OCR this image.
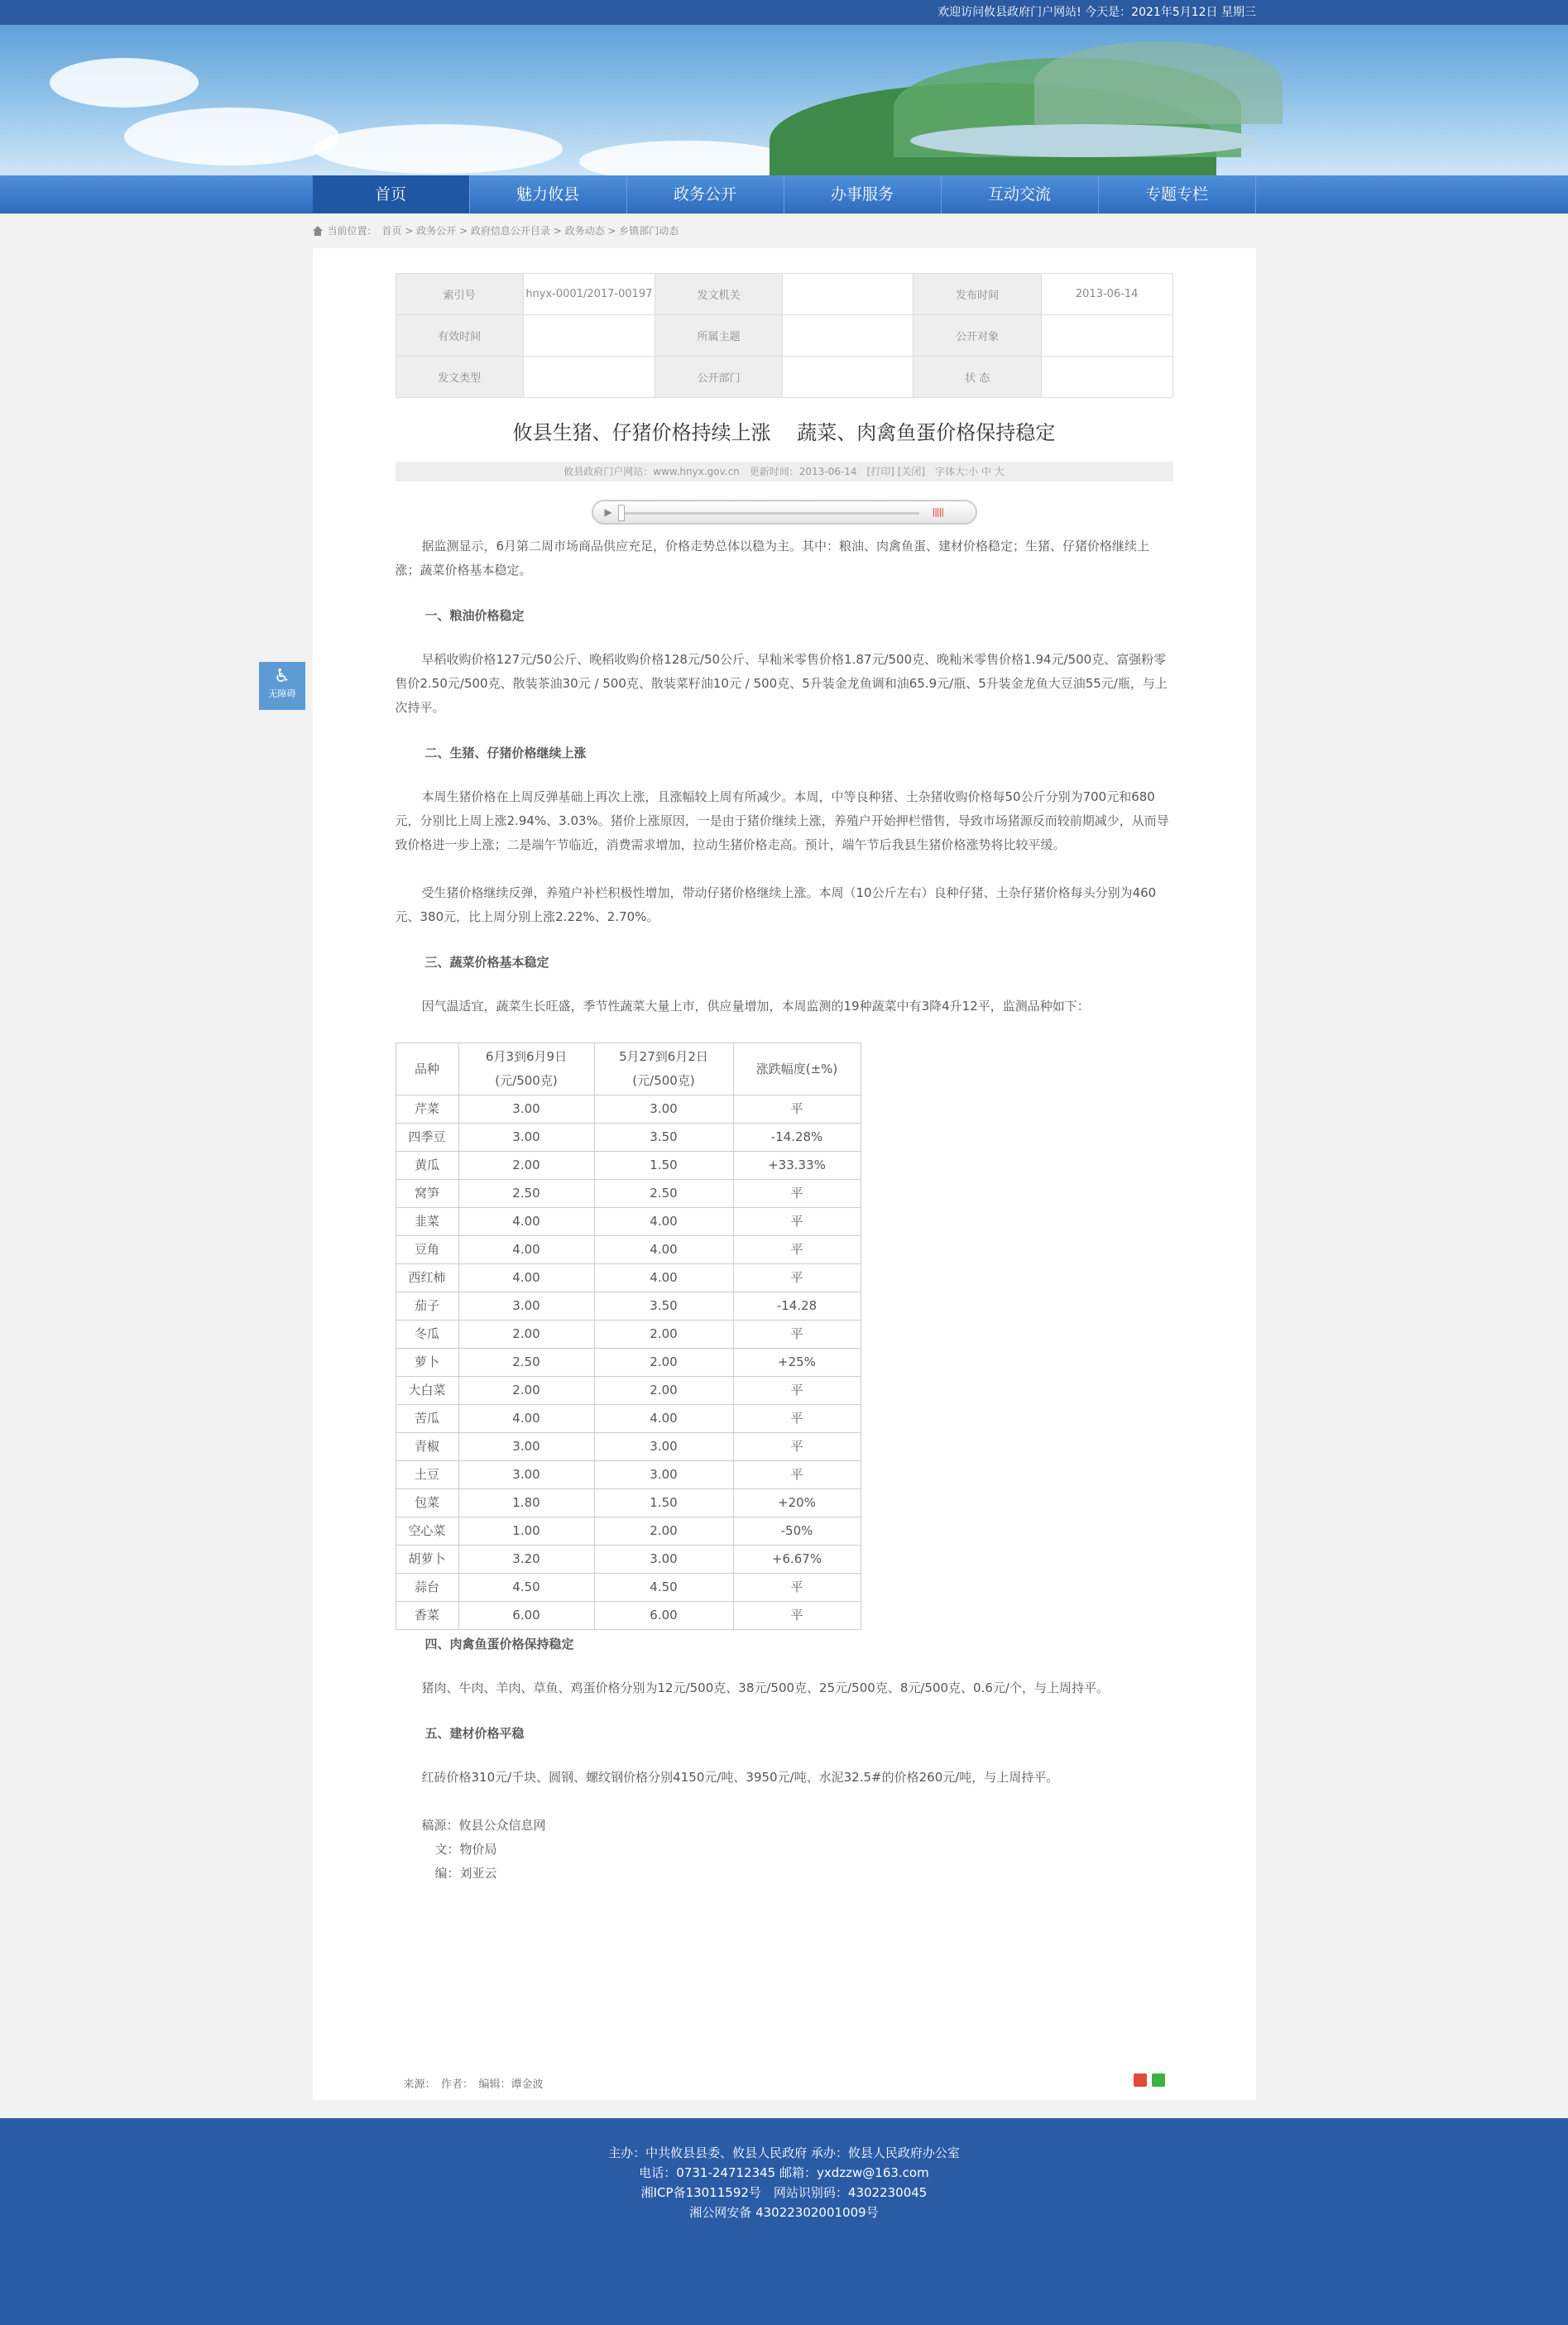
欢迎访问攸县政府门户网站! 今天是：2021年5月12日 星期三
首页	魅力攸县	政务公开	办事服务	互动交流	专题专栏
当前位置： 首页 > 政务公开 > 政府信息公开目录 > 政务动态 > 乡镇部门动态
索引号	hnyx-0001/2017-00197	发文机关		发布时间	2013-06-14
有效时间		所属主题		公开对象	
发文类型		公开部门		状 态	
攸县生猪、仔猪价格持续上涨　 蔬菜、肉禽鱼蛋价格保持稳定
攸县政府门户网站：www.hnyx.gov.cn　更新时间：2013-06-14　[打印] [关闭]　字体大:小 中 大
▶	|||||

据监测显示，6月第二周市场商品供应充足，价格走势总体以稳为主。其中：粮油、肉禽鱼蛋、建材价格稳定；生猪、仔猪价格继续上涨；蔬菜价格基本稳定。

一、粮油价格稳定

早稻收购价格127元/50公斤、晚稻收购价格128元/50公斤、早籼米零售价格1.87元/500克、晚籼米零售价格1.94元/500克、富强粉零售价2.50元/500克、散装茶油30元 / 500克、散装菜籽油10元 / 500克、5升装金龙鱼调和油65.9元/瓶、5升装金龙鱼大豆油55元/瓶，与上次持平。

二、生猪、仔猪价格继续上涨

本周生猪价格在上周反弹基础上再次上涨，且涨幅较上周有所减少。本周，中等良种猪、土杂猪收购价格每50公斤分别为700元和680元，分别比上周上涨2.94%、3.03%。猪价上涨原因，一是由于猪价继续上涨，养殖户开始押栏惜售，导致市场猪源反而较前期减少，从而导致价格进一步上涨；二是端午节临近，消费需求增加，拉动生猪价格走高。预计，端午节后我县生猪价格涨势将比较平缓。

受生猪价格继续反弹，养殖户补栏积极性增加，带动仔猪价格继续上涨。本周（10公斤左右）良种仔猪、土杂仔猪价格每头分别为460元、380元，比上周分别上涨2.22%、2.70%。

三、蔬菜价格基本稳定

因气温适宜，蔬菜生长旺盛，季节性蔬菜大量上市，供应量增加，本周监测的19种蔬菜中有3降4升12平，监测品种如下：

品种	6月3到6月9日(元/500克)	5月27到6月2日(元/500克)	涨跌幅度(±%)
芹菜	3.00	3.00	平
四季豆	3.00	3.50	-14.28%
黄瓜	2.00	1.50	+33.33%
窝笋	2.50	2.50	平
韭菜	4.00	4.00	平
豆角	4.00	4.00	平
西红柿	4.00	4.00	平
茄子	3.00	3.50	-14.28
冬瓜	2.00	2.00	平
萝卜	2.50	2.00	+25%
大白菜	2.00	2.00	平
苦瓜	4.00	4.00	平
青椒	3.00	3.00	平
土豆	3.00	3.00	平
包菜	1.80	1.50	+20%
空心菜	1.00	2.00	-50%
胡萝卜	3.20	3.00	+6.67%
蒜台	4.50	4.50	平
香菜	6.00	6.00	平
四、肉禽鱼蛋价格保持稳定

猪肉、牛肉、羊肉、草鱼、鸡蛋价格分别为12元/500克、38元/500克、25元/500克、8元/500克、0.6元/个，与上周持平。

五、建材价格平稳

红砖价格310元/千块、圆钢、螺纹钢价格分别4150元/吨、3950元/吨、水泥32.5#的价格260元/吨，与上周持平。

稿源：攸县公众信息网
文：物价局
编：刘亚云
来源：　作者：　编辑：谭金波
♿
无障碍
主办：中共攸县县委、攸县人民政府 承办：攸县人民政府办公室
电话：0731-24712345 邮箱：yxdzzw@163.com
湘ICP备13011592号　网站识别码：4302230045
湘公网安备 43022302001009号
